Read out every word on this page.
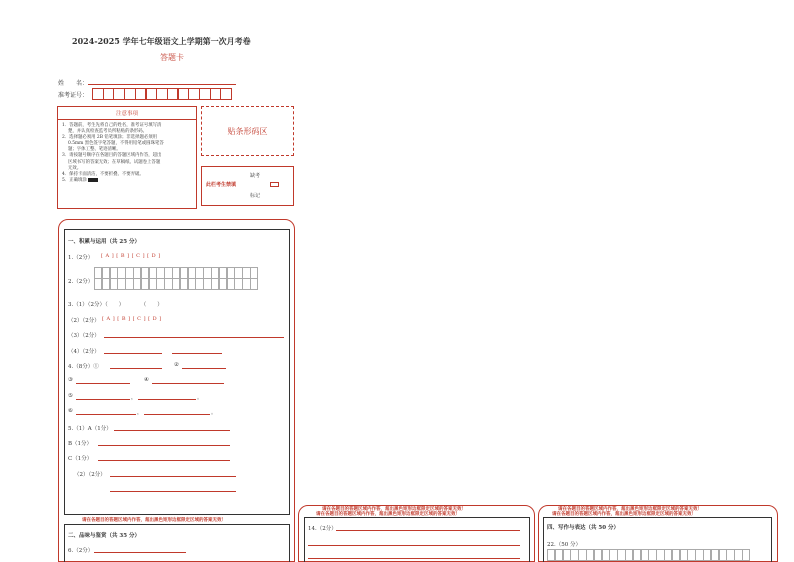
2024-2025 学年七年级语文上学期第一次月考卷
答题卡
姓　　名：
准考证号：
注意事项
1．答题前，考生先将自己的姓名，准考证号填写清
楚，并认真检查监考员所粘贴的条形码。
2．选择题必须用 2B 铅笔填涂；非选择题必须用
0.5mm 黑色签字笔答题，不得用铅笔或圆珠笔答
题；字体工整、笔迹清晰。
3．请按题号顺序在各题目的答题区域内作答，超出
区域书写的答案无效；在草稿纸、试题卷上答题
无效。
4．保持卡面清洁，不要折叠、不要弄破。
5．正确填涂
贴条形码区
缺考
此栏考生禁填
标记
一、积累与运用（共 25 分）
1.（2分） [ A ] [ B ] [ C ] [ D ]
2.（2分）
3.（1）（2分）（　　）　　　　（　　）
（2）（2分） [ A ] [ B ] [ C ] [ D ]
（3）（2分）
（4）（2分）
4.（8分）①	②
③	④
⑤	，	。
⑥	，	。
5.（1）A（1分）
B（1分）
C（1分）
（2）（2分）
请在各题目的答题区域内作答，超出黑色矩形边框限定区域的答案无效！
二、品味与鉴赏（共 35 分）
6.（2分）
请在各题目的答题区域内作答，超出黑色矩形边框限定区域的答案无效！
请在各题目的答题区域内作答，超出黑色矩形边框限定区域的答案无效！
14.（2分）
请在各题目的答题区域内作答，超出黑色矩形边框限定区域的答案无效！
请在各题目的答题区域内作答，超出黑色矩形边框限定区域的答案无效！
四、写作与表达（共 50 分）
22.（50 分）
